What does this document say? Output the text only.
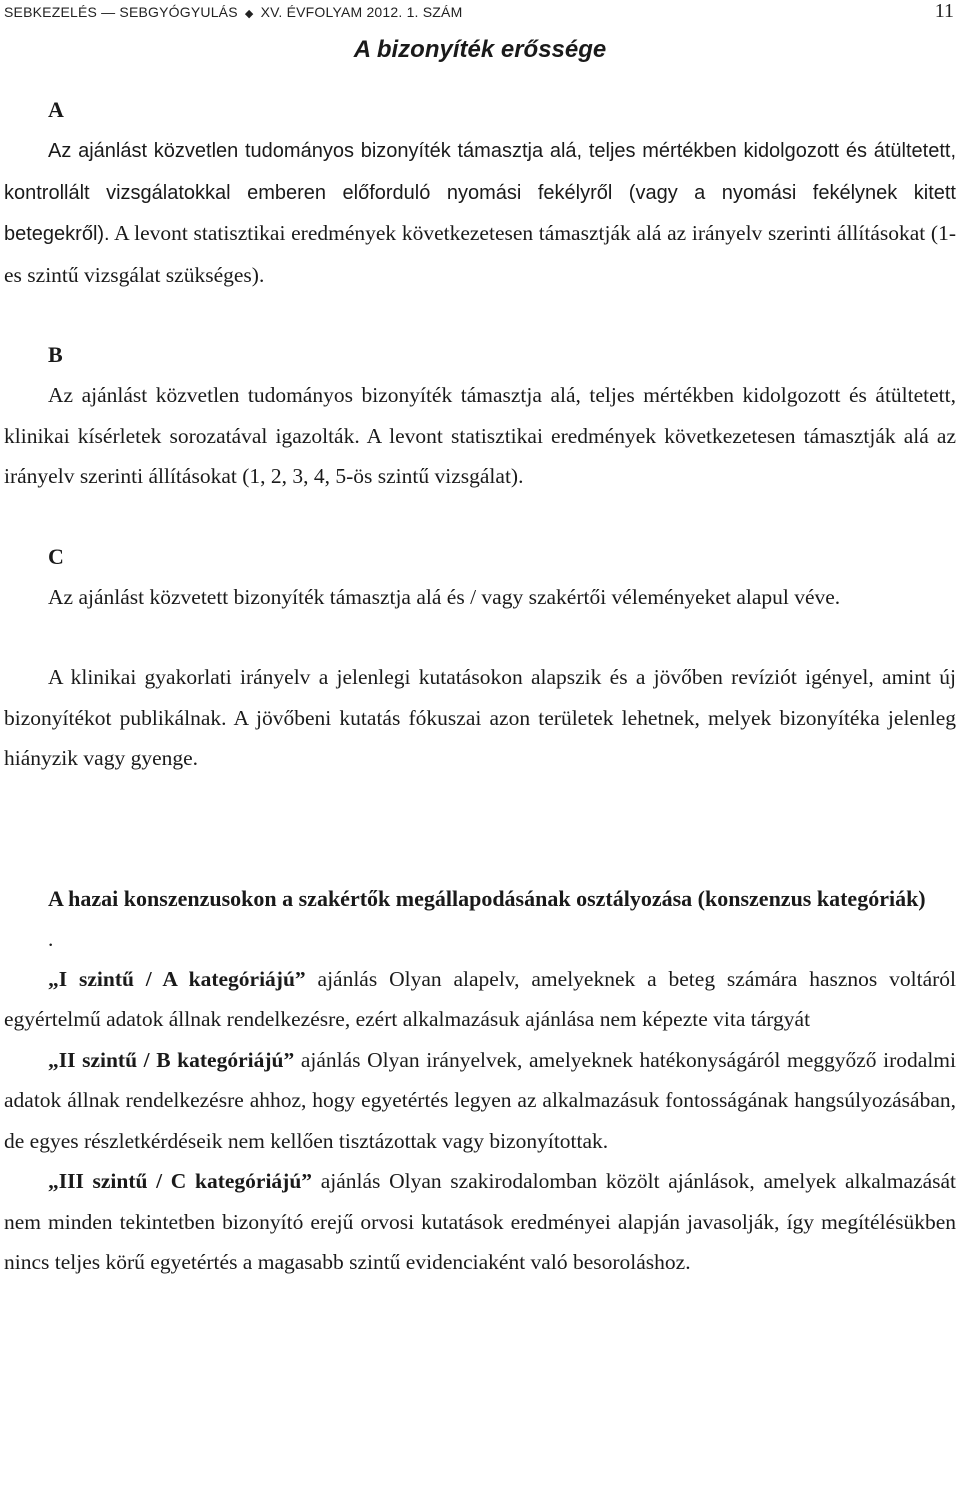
SEBKEZELÉS — SEBGYÓGYULÁS ◆ XV. ÉVFOLYAM 2012. 1. SZÁM	11
A bizonyíték erőssége
A

Az ajánlást közvetlen tudományos bizonyíték támasztja alá, teljes mértékben kidolgozott és átültetett, kontrollált vizsgálatokkal emberen előforduló nyomási fekélyről (vagy a nyomási fekélynek kitett betegekről). A levont statisztikai eredmények következetesen támasztják alá az irányelv szerinti állításokat (1-es szintű vizsgálat szükséges).

B

Az ajánlást közvetlen tudományos bizonyíték támasztja alá, teljes mértékben kidolgozott és átültetett, klinikai kísérletek sorozatával igazolták. A levont statisztikai eredmények következetesen támasztják alá az irányelv szerinti állításokat (1, 2, 3, 4, 5-ös szintű vizsgálat).

C

Az ajánlást közvetett bizonyíték támasztja alá és / vagy szakértői véleményeket alapul véve.

A klinikai gyakorlati irányelv a jelenlegi kutatásokon alapszik és a jövőben revíziót igényel, amint új bizonyítékot publikálnak. A jövőbeni kutatás fókuszai azon területek lehetnek, melyek bizonyítéka jelenleg hiányzik vagy gyenge.

A hazai konszenzusokon a szakértők megállapodásának osztályozása (konszenzus kategóriák)

.

„I szintű / A kategóriájú” ajánlás Olyan alapelv, amelyeknek a beteg számára hasznos voltáról egyértelmű adatok állnak rendelkezésre, ezért alkalmazásuk ajánlása nem képezte vita tárgyát

„II szintű / B kategóriájú” ajánlás Olyan irányelvek, amelyeknek hatékonyságáról meggyőző irodalmi adatok állnak rendelkezésre ahhoz, hogy egyetértés legyen az alkalmazásuk fontosságának hangsúlyozásában, de egyes részletkérdéseik nem kellően tisztázottak vagy bizonyítottak.

„III szintű / C kategóriájú” ajánlás Olyan szakirodalomban közölt ajánlások, amelyek alkalmazását nem minden tekintetben bizonyító erejű orvosi kutatások eredményei alapján javasolják, így megítélésükben nincs teljes körű egyetértés a magasabb szintű evidenciaként való besoroláshoz.
